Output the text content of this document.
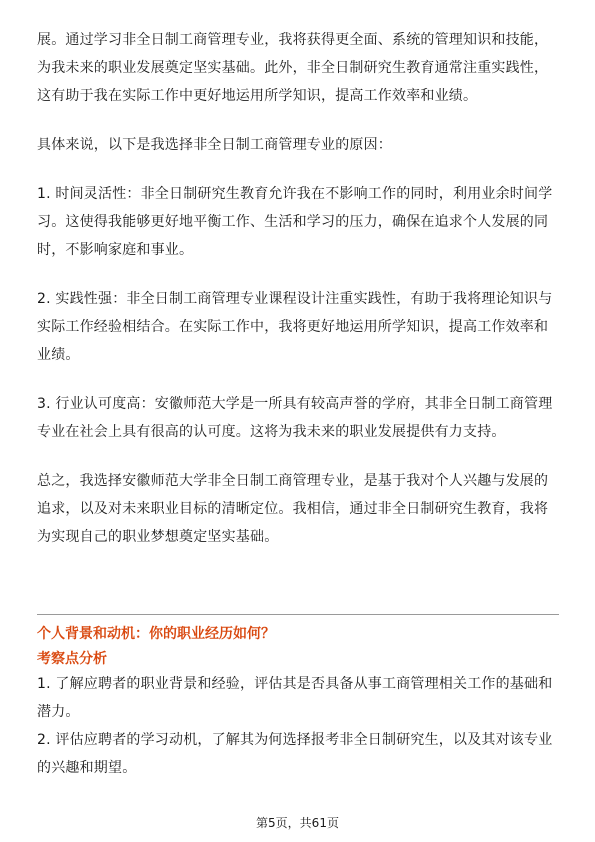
展。通过学习非全日制工商管理专业，我将获得更全面、系统的管理知识和技能，为我未来的职业发展奠定坚实基础。此外，非全日制研究生教育通常注重实践性，这有助于我在实际工作中更好地运用所学知识，提高工作效率和业绩。

具体来说，以下是我选择非全日制工商管理专业的原因：

1. 时间灵活性：非全日制研究生教育允许我在不影响工作的同时，利用业余时间学习。这使得我能够更好地平衡工作、生活和学习的压力，确保在追求个人发展的同时，不影响家庭和事业。

2. 实践性强：非全日制工商管理专业课程设计注重实践性，有助于我将理论知识与实际工作经验相结合。在实际工作中，我将更好地运用所学知识，提高工作效率和业绩。

3. 行业认可度高：安徽师范大学是一所具有较高声誉的学府，其非全日制工商管理专业在社会上具有很高的认可度。这将为我未来的职业发展提供有力支持。

总之，我选择安徽师范大学非全日制工商管理专业，是基于我对个人兴趣与发展的追求，以及对未来职业目标的清晰定位。我相信，通过非全日制研究生教育，我将为实现自己的职业梦想奠定坚实基础。

个人背景和动机：你的职业经历如何？

考察点分析

1. 了解应聘者的职业背景和经验，评估其是否具备从事工商管理相关工作的基础和潜力。

2. 评估应聘者的学习动机，了解其为何选择报考非全日制研究生，以及其对该专业的兴趣和期望。

第5页，共61页
